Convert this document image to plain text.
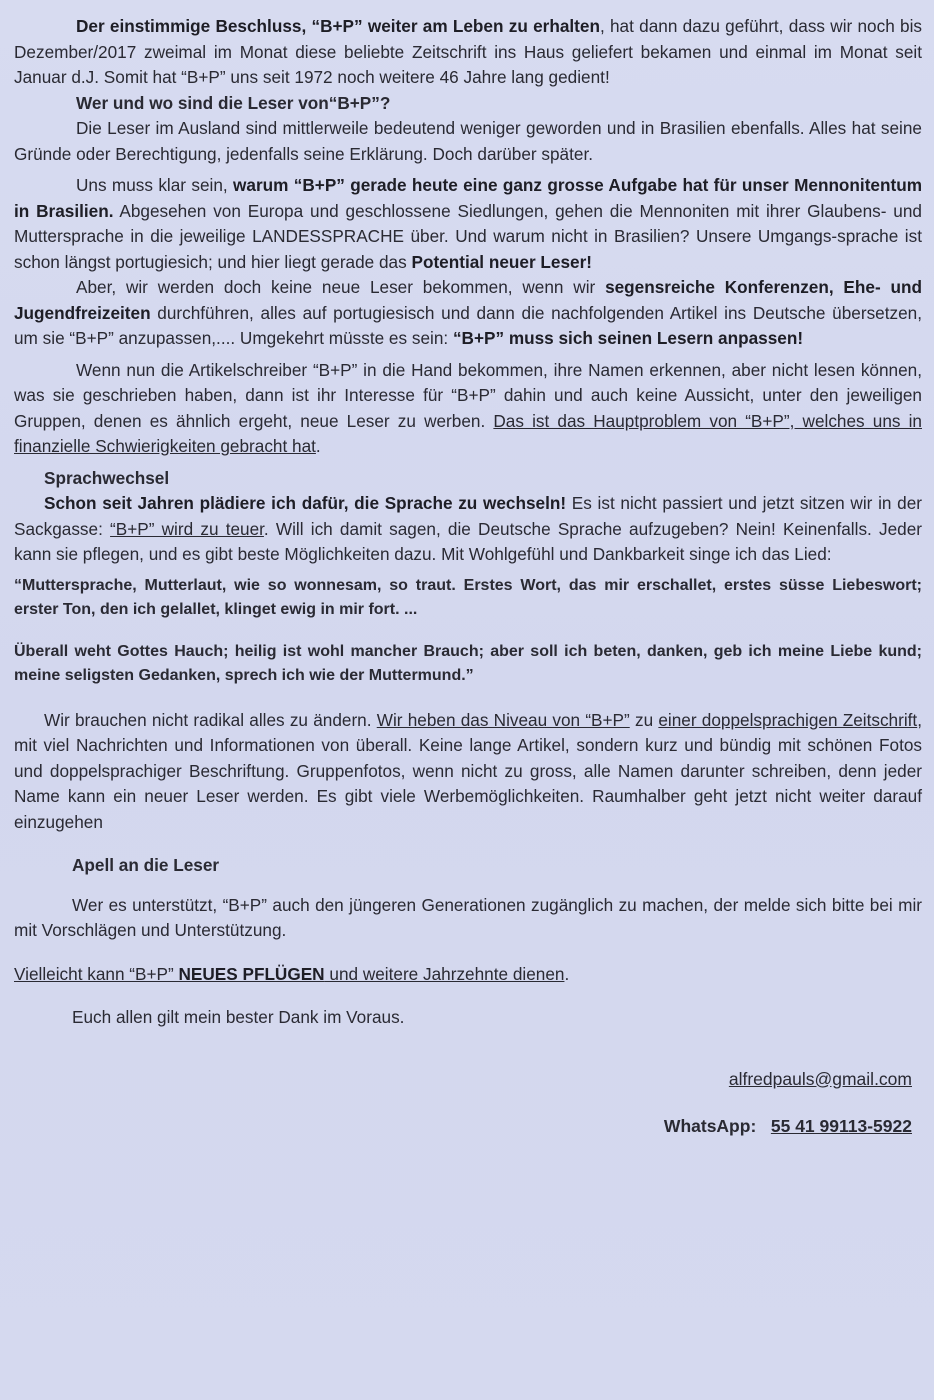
Der einstimmige Beschluss, “B+P” weiter am Leben zu erhalten, hat dann dazu geführt, dass wir noch bis Dezember/2017 zweimal im Monat diese beliebte Zeitschrift ins Haus geliefert bekamen und einmal im Monat seit Januar d.J. Somit hat “B+P” uns seit 1972 noch weitere 46 Jahre lang gedient!

Wer und wo sind die Leser von“B+P”?

Die Leser im Ausland sind mittlerweile bedeutend weniger geworden und in Brasilien ebenfalls. Alles hat seine Gründe oder Berechtigung, jedenfalls seine Erklärung. Doch darüber später.

Uns muss klar sein, warum “B+P” gerade heute eine ganz grosse Aufgabe hat für unser Mennonitentum in Brasilien. Abgesehen von Europa und geschlossene Siedlungen, gehen die Mennoniten mit ihrer Glaubens- und Muttersprache in die jeweilige LANDESSPRACHE über. Und warum nicht in Brasilien? Unsere Umgangs-sprache ist schon längst portugiesich; und hier liegt gerade das Potential neuer Leser!

Aber, wir werden doch keine neue Leser bekommen, wenn wir segensreiche Konferenzen, Ehe- und Jugendfreizeiten durchführen, alles auf portugiesisch und dann die nachfolgenden Artikel ins Deutsche übersetzen, um sie “B+P” anzupassen,.... Umgekehrt müsste es sein: “B+P” muss sich seinen Lesern anpassen!

Wenn nun die Artikelschreiber “B+P” in die Hand bekommen, ihre Namen erkennen, aber nicht lesen können, was sie geschrieben haben, dann ist ihr Interesse für “B+P” dahin und auch keine Aussicht, unter den jeweiligen Gruppen, denen es ähnlich ergeht, neue Leser zu werben. Das ist das Hauptproblem von “B+P”, welches uns in finanzielle Schwierigkeiten gebracht hat.

Sprachwechsel

Schon seit Jahren plädiere ich dafür, die Sprache zu wechseln! Es ist nicht passiert und jetzt sitzen wir in der Sackgasse: “B+P” wird zu teuer. Will ich damit sagen, die Deutsche Sprache aufzugeben? Nein! Keinenfalls. Jeder kann sie pflegen, und es gibt beste Möglichkeiten dazu. Mit Wohlgefühl und Dankbarkeit singe ich das Lied:

“Muttersprache, Mutterlaut, wie so wonnesam, so traut. Erstes Wort, das mir erschallet, erstes süsse Liebeswort; erster Ton, den ich gelallet, klinget ewig in mir fort. ...

Überall weht Gottes Hauch; heilig ist wohl mancher Brauch; aber soll ich beten, danken, geb ich meine Liebe kund; meine seligsten Gedanken, sprech ich wie der Muttermund.”

Wir brauchen nicht radikal alles zu ändern. Wir heben das Niveau von “B+P” zu einer doppelsprachigen Zeitschrift, mit viel Nachrichten und Informationen von überall. Keine lange Artikel, sondern kurz und bündig mit schönen Fotos und doppelsprachiger Beschriftung. Gruppenfotos, wenn nicht zu gross, alle Namen darunter schreiben, denn jeder Name kann ein neuer Leser werden. Es gibt viele Werbemöglichkeiten. Raumhalber geht jetzt nicht weiter darauf einzugehen

Apell an die Leser

Wer es unterstützt, “B+P” auch den jüngeren Generationen zugänglich zu machen, der melde sich bitte bei mir mit Vorschlägen und Unterstützung.

Vielleicht kann “B+P” NEUES PFLÜGEN und weitere Jahrzehnte dienen.

Euch allen gilt mein bester Dank im Voraus.

alfredpauls@gmail.com

WhatsApp: 55 41 99113-5922
